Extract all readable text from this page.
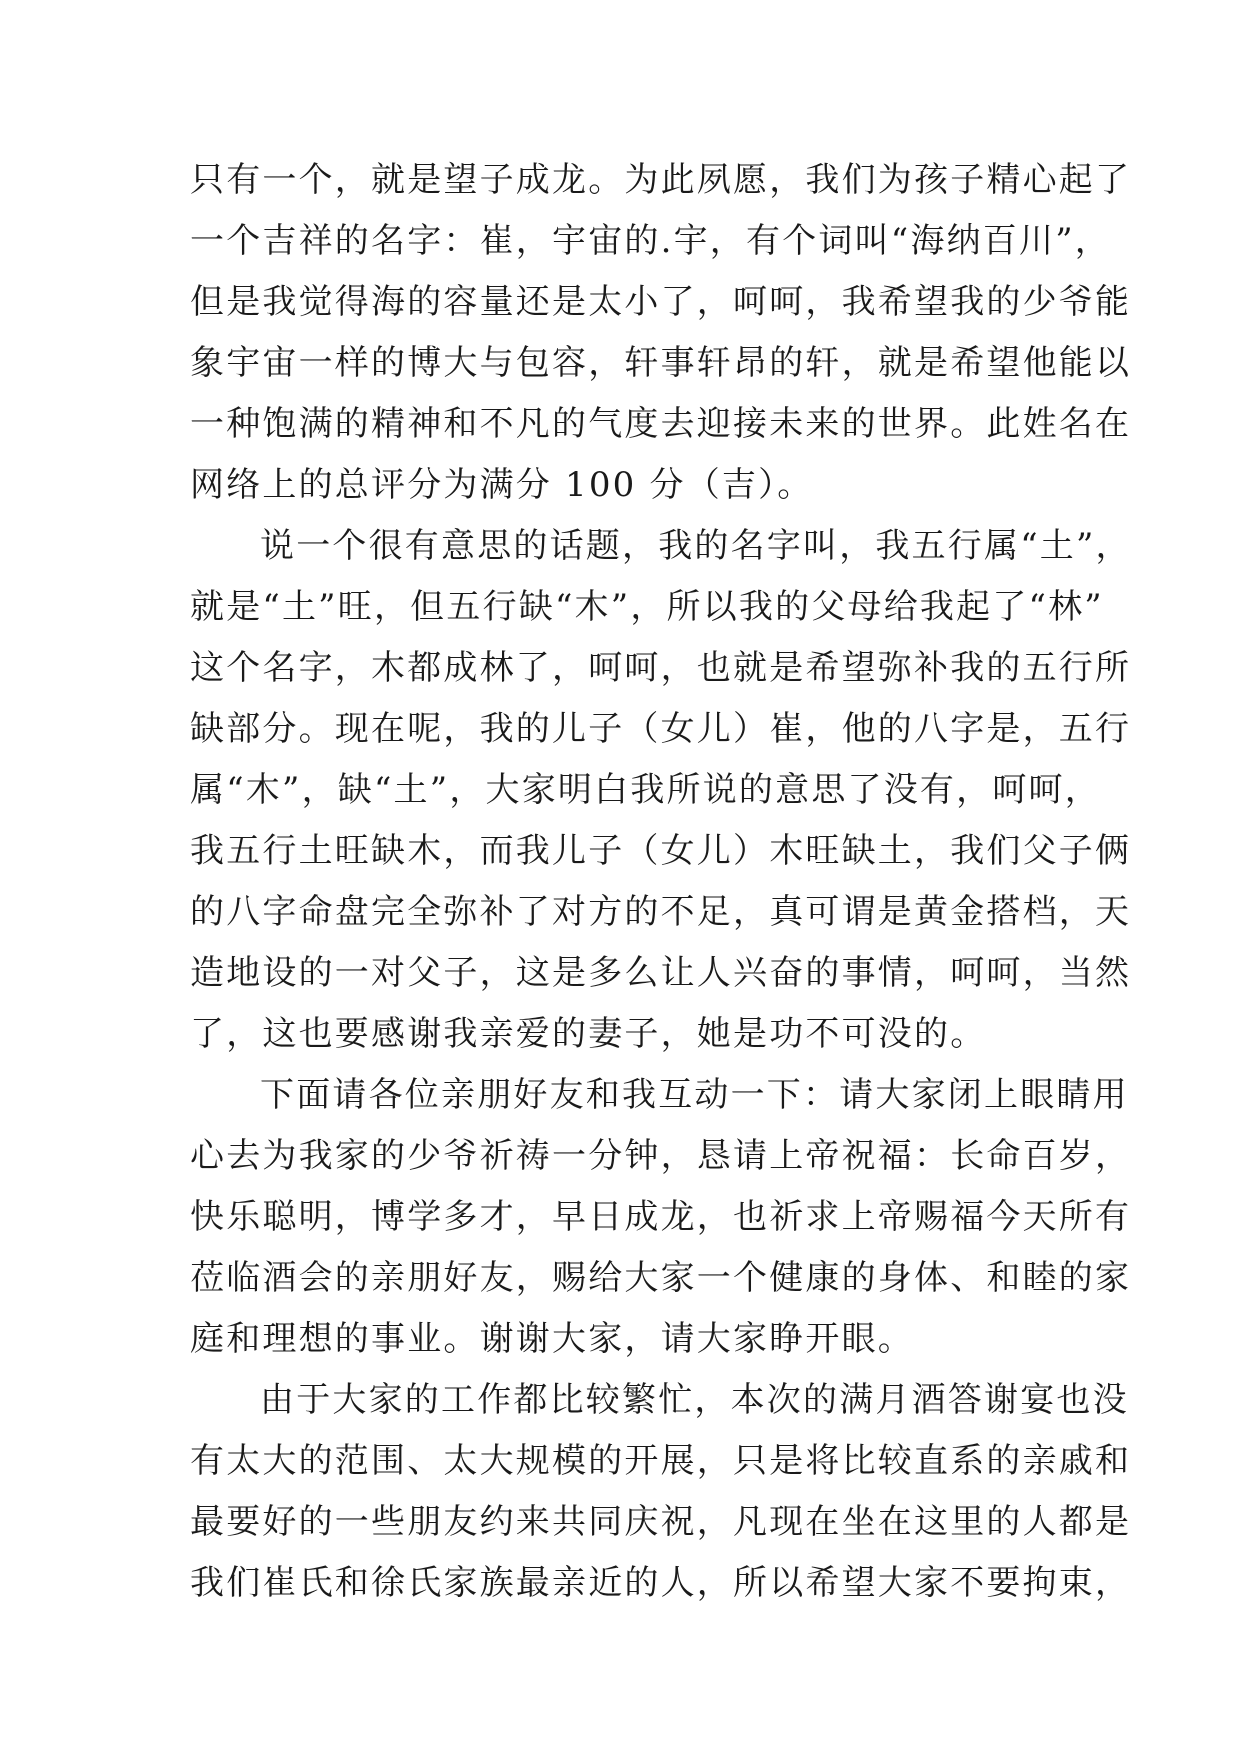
只有一个，就是望子成龙。为此夙愿，我们为孩子精心起了
一个吉祥的名字：崔，宇宙的.宇，有个词叫“海纳百川”，
但是我觉得海的容量还是太小了，呵呵，我希望我的少爷能
象宇宙一样的博大与包容，轩事轩昂的轩，就是希望他能以
一种饱满的精神和不凡的气度去迎接未来的世界。此姓名在
网络上的总评分为满分 100 分（吉）。
说一个很有意思的话题，我的名字叫，我五行属“土”，
就是“土”旺，但五行缺“木”，所以我的父母给我起了“林”
这个名字，木都成林了，呵呵，也就是希望弥补我的五行所
缺部分。现在呢，我的儿子（女儿）崔，他的八字是，五行
属“木”，缺“土”，大家明白我所说的意思了没有，呵呵，
我五行土旺缺木，而我儿子（女儿）木旺缺土，我们父子俩
的八字命盘完全弥补了对方的不足，真可谓是黄金搭档，天
造地设的一对父子，这是多么让人兴奋的事情，呵呵，当然
了，这也要感谢我亲爱的妻子，她是功不可没的。
下面请各位亲朋好友和我互动一下：请大家闭上眼睛用
心去为我家的少爷祈祷一分钟，恳请上帝祝福：长命百岁，
快乐聪明，博学多才，早日成龙，也祈求上帝赐福今天所有
莅临酒会的亲朋好友，赐给大家一个健康的身体、和睦的家
庭和理想的事业。谢谢大家，请大家睁开眼。
由于大家的工作都比较繁忙，本次的满月酒答谢宴也没
有太大的范围、太大规模的开展，只是将比较直系的亲戚和
最要好的一些朋友约来共同庆祝，凡现在坐在这里的人都是
我们崔氏和徐氏家族最亲近的人，所以希望大家不要拘束，
